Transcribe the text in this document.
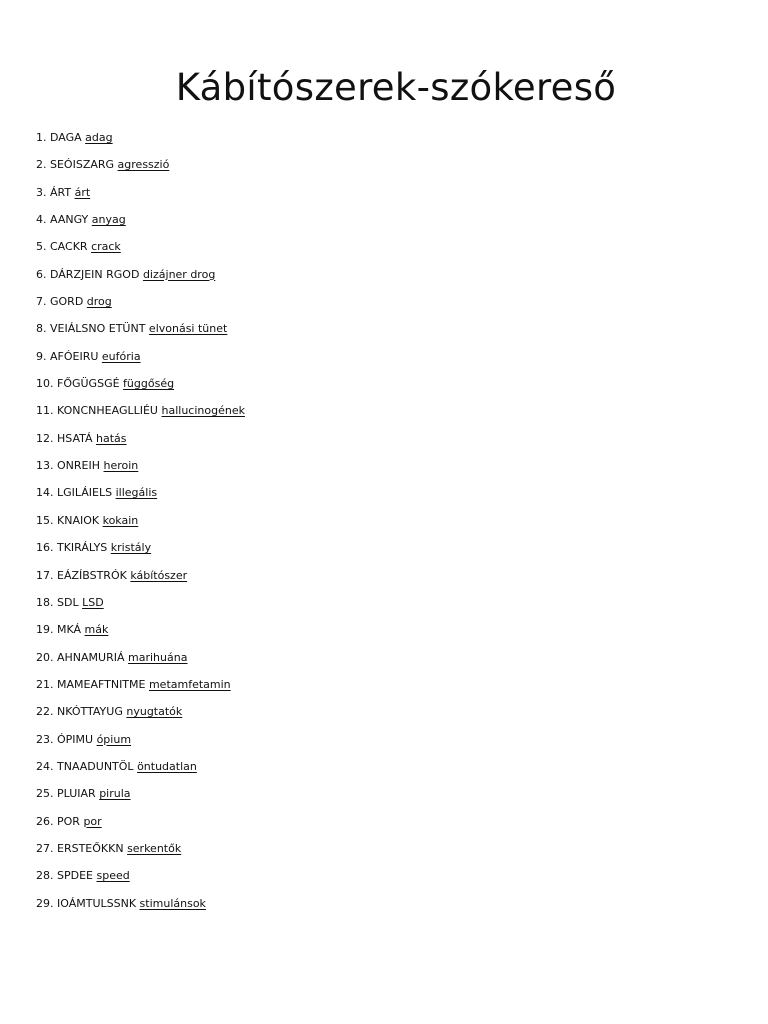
Kábítószerek-szókereső
1. DAGA adag
2. SEÓISZARG agresszió
3. ÁRT árt
4. AANGY anyag
5. CACKR crack
6. DÁRZJEIN RGOD dizájner drog
7. GORD drog
8. VEIÁLSNO ETÜNT elvonási tünet
9. AFÓEIRU eufória
10. FŐGÜGSGÉ függőség
11. KONCNHEAGLLIÉU hallucinogének
12. HSATÁ hatás
13. ONREIH heroin
14. LGILÁIELS illegális
15. KNAIOK kokain
16. TKIRÁLYS kristály
17. EÁZÍBSTRÓK kábítószer
18. SDL LSD
19. MKÁ mák
20. AHNAMURIÁ marihuána
21. MAMEAFTNITME metamfetamin
22. NKÓTTAYUG nyugtatók
23. ÓPIMU ópium
24. TNAADUNTÖL öntudatlan
25. PLUIAR pirula
26. POR por
27. ERSTEŐKKN serkentők
28. SPDEE speed
29. IOÁMTULSSNK stimulánsok
